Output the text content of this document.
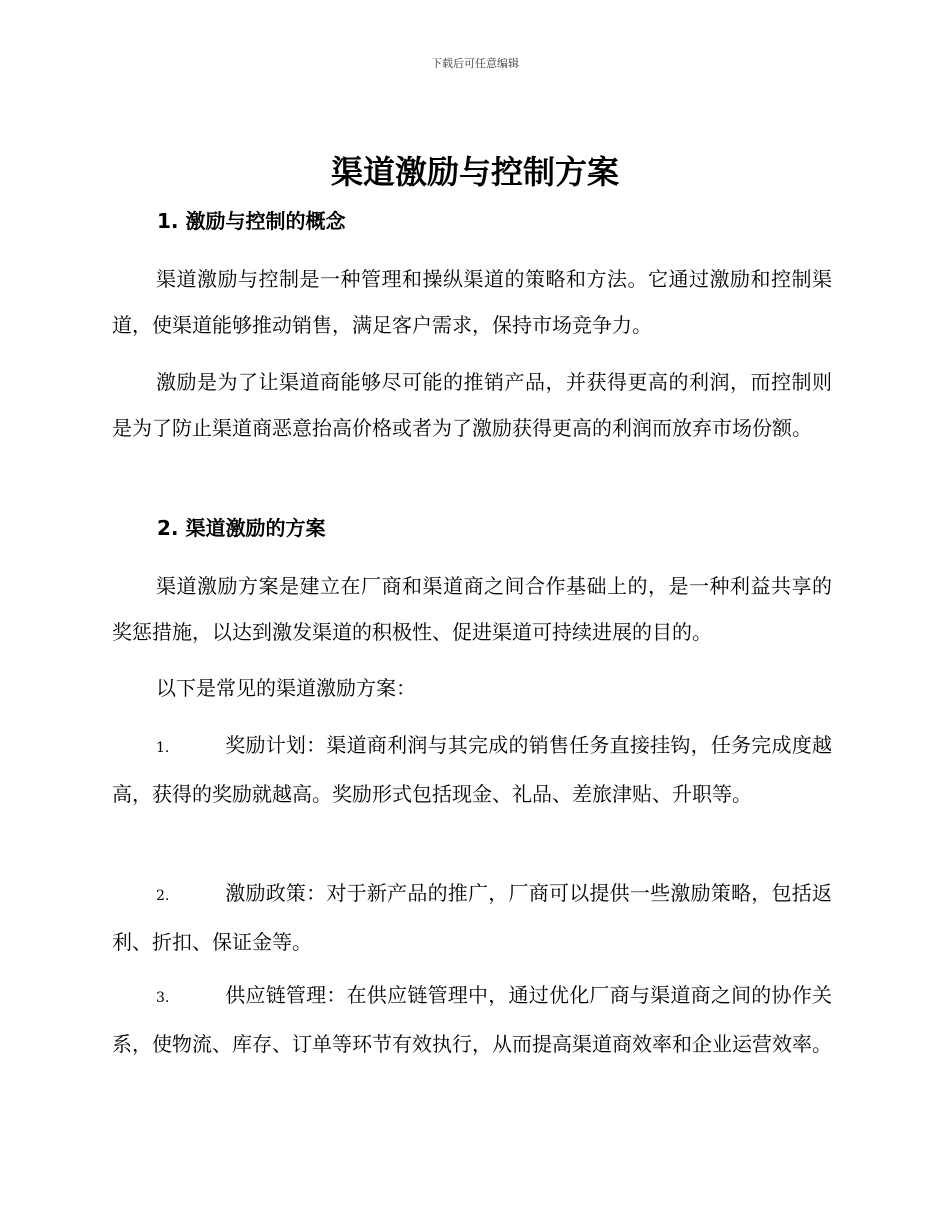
下载后可任意编辑
渠道激励与控制方案
1. 激励与控制的概念

渠道激励与控制是一种管理和操纵渠道的策略和方法。它通过激励和控制渠道，使渠道能够推动销售，满足客户需求，保持市场竞争力。

激励是为了让渠道商能够尽可能的推销产品，并获得更高的利润，而控制则是为了防止渠道商恶意抬高价格或者为了激励获得更高的利润而放弃市场份额。

2. 渠道激励的方案

渠道激励方案是建立在厂商和渠道商之间合作基础上的，是一种利益共享的奖惩措施，以达到激发渠道的积极性、促进渠道可持续进展的目的。

以下是常见的渠道激励方案：

1.	奖励计划：渠道商利润与其完成的销售任务直接挂钩，任务完成度越高，获得的奖励就越高。奖励形式包括现金、礼品、差旅津贴、升职等。

2.	激励政策：对于新产品的推广，厂商可以提供一些激励策略，包括返利、折扣、保证金等。

3.	供应链管理：在供应链管理中，通过优化厂商与渠道商之间的协作关系，使物流、库存、订单等环节有效执行，从而提高渠道商效率和企业运营效率。
